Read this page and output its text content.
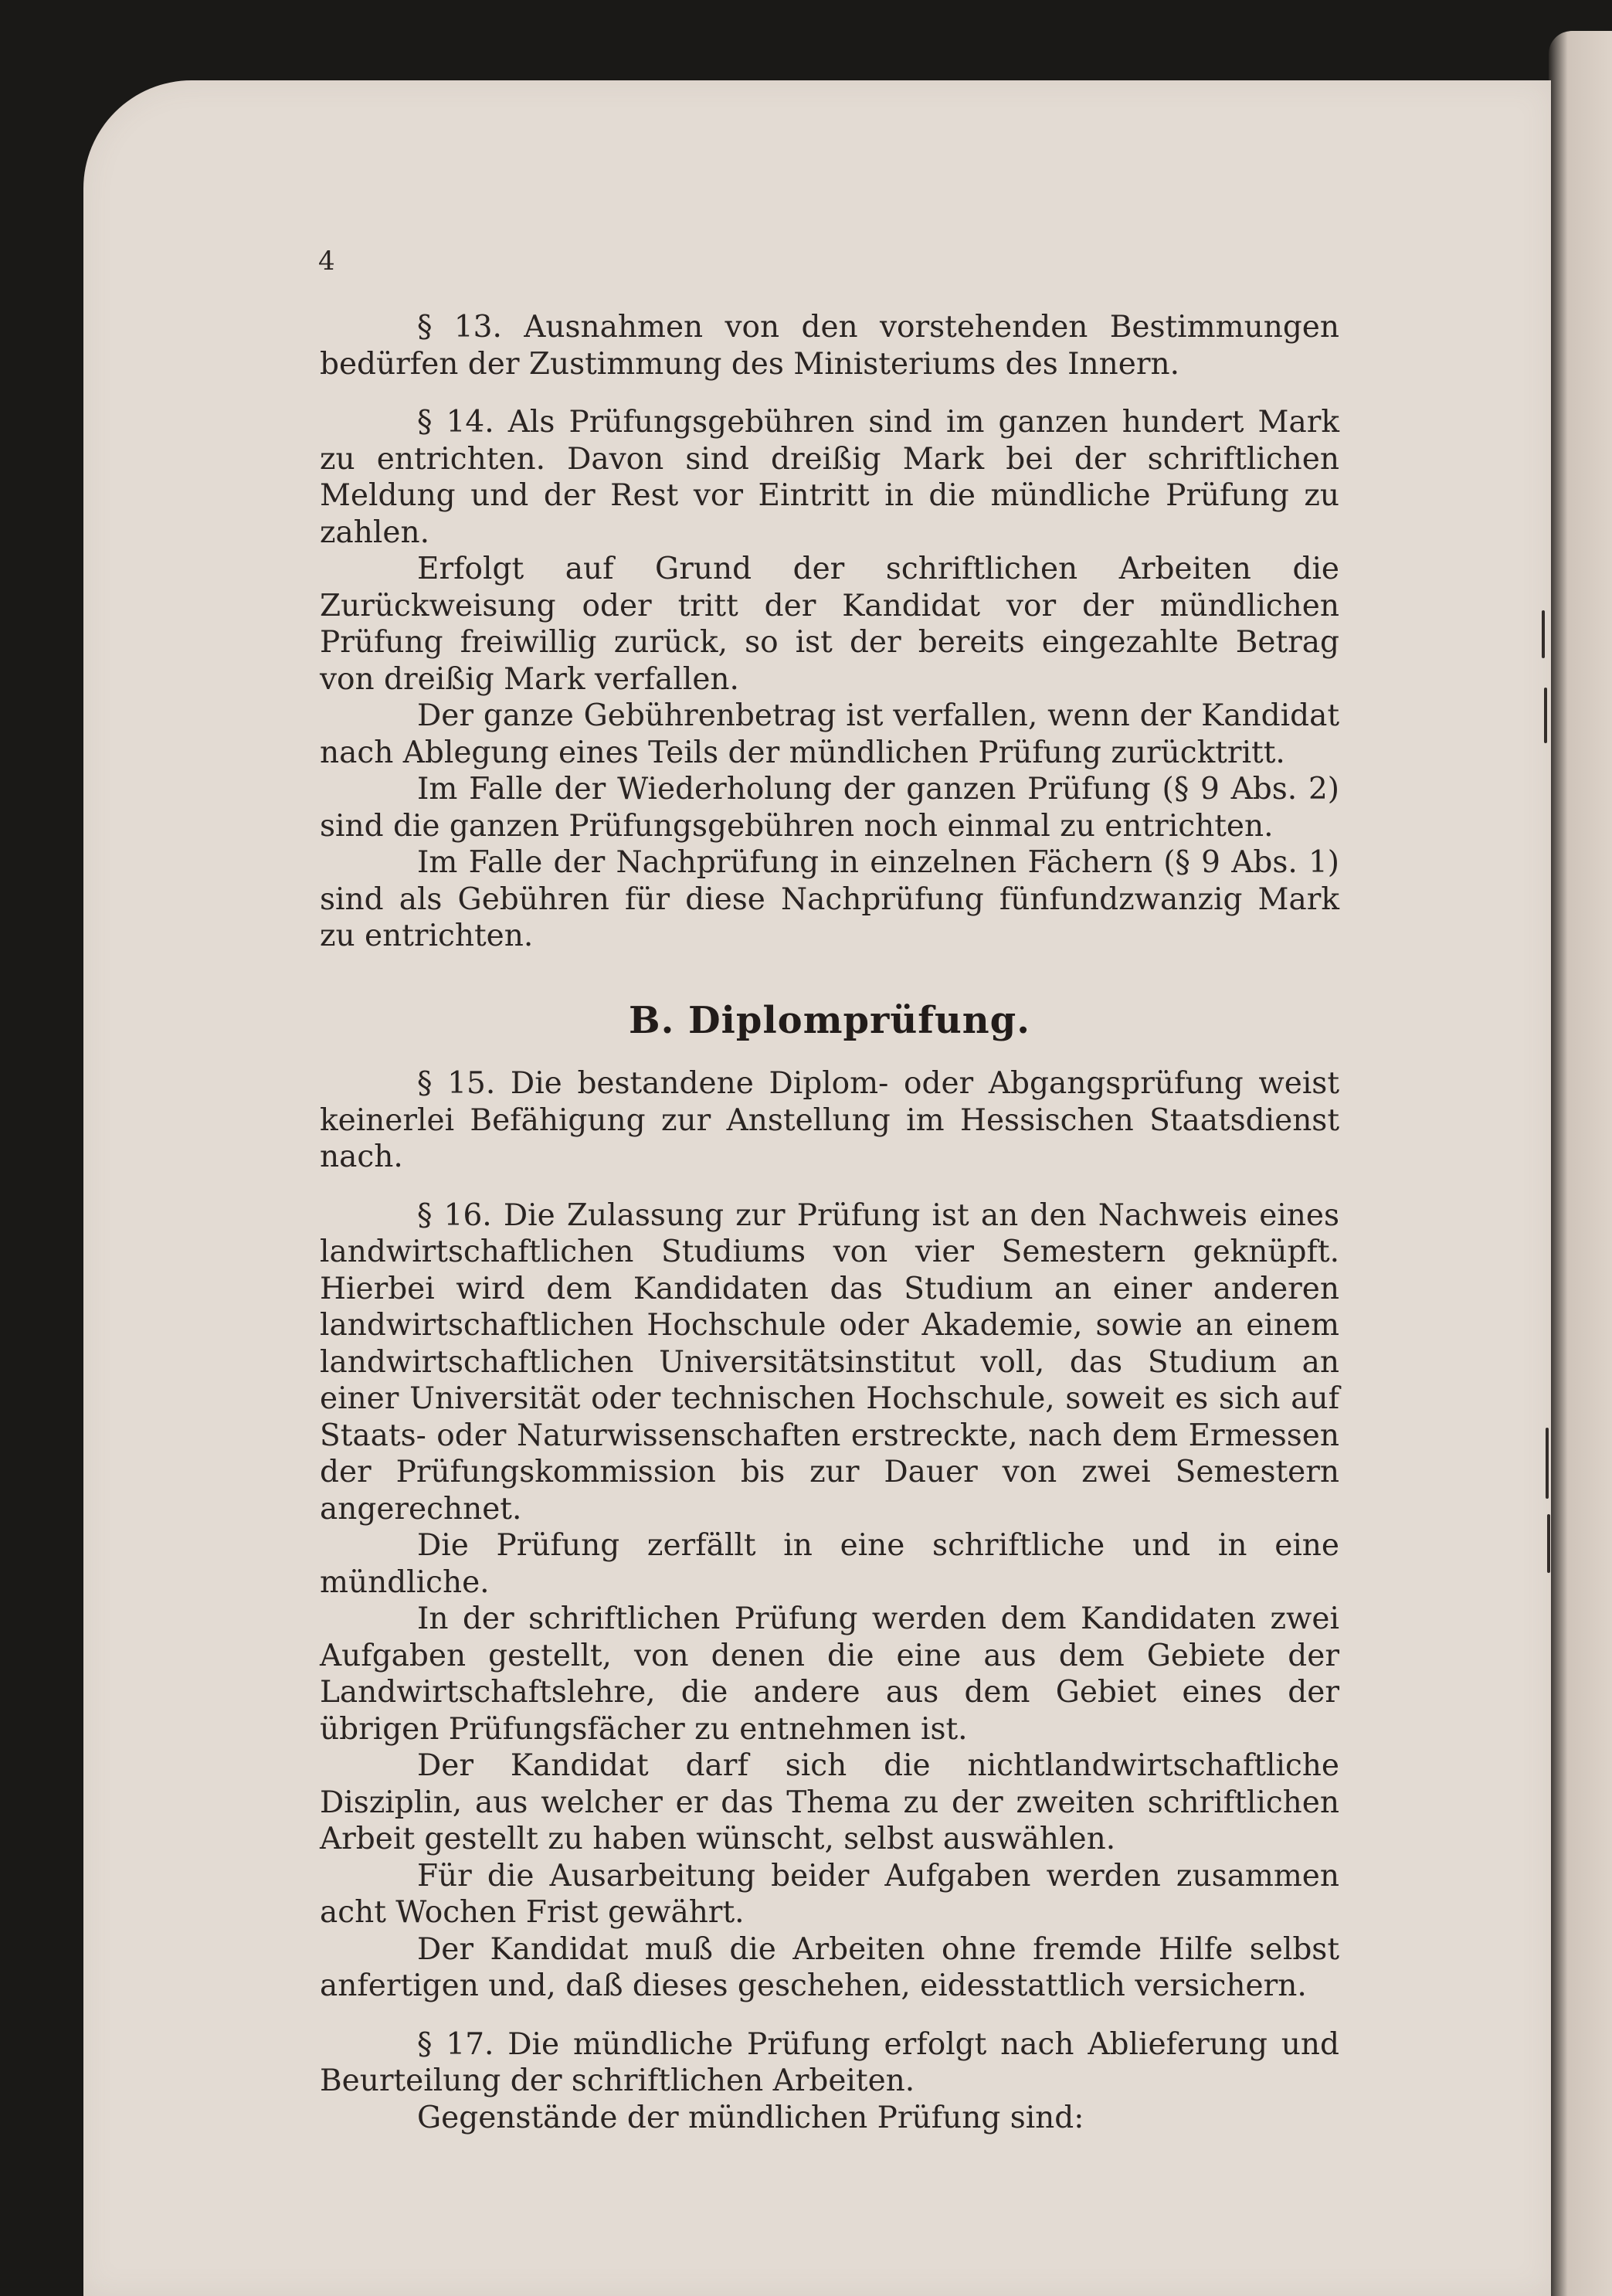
4

§ 13. Ausnahmen von den vorstehenden Bestimmungen bedürfen der Zustimmung des Ministeriums des Innern.

§ 14. Als Prüfungsgebühren sind im ganzen hundert Mark zu entrichten. Davon sind dreißig Mark bei der schriftlichen Meldung und der Rest vor Eintritt in die mündliche Prüfung zu zahlen.

Erfolgt auf Grund der schriftlichen Arbeiten die Zurückweisung oder tritt der Kandidat vor der mündlichen Prüfung freiwillig zurück, so ist der bereits eingezahlte Betrag von dreißig Mark verfallen.

Der ganze Gebührenbetrag ist verfallen, wenn der Kandidat nach Ablegung eines Teils der mündlichen Prüfung zurücktritt.

Im Falle der Wiederholung der ganzen Prüfung (§ 9 Abs. 2) sind die ganzen Prüfungsgebühren noch einmal zu entrichten.

Im Falle der Nachprüfung in einzelnen Fächern (§ 9 Abs. 1) sind als Gebühren für diese Nachprüfung fünfundzwanzig Mark zu entrichten.

B. Diplomprüfung.

§ 15. Die bestandene Diplom- oder Abgangsprüfung weist keinerlei Befähigung zur Anstellung im Hessischen Staatsdienst nach.

§ 16. Die Zulassung zur Prüfung ist an den Nachweis eines landwirtschaftlichen Studiums von vier Semestern geknüpft. Hierbei wird dem Kandidaten das Studium an einer anderen landwirtschaftlichen Hochschule oder Akademie, sowie an einem landwirtschaftlichen Universitätsinstitut voll, das Studium an einer Universität oder technischen Hochschule, soweit es sich auf Staats- oder Naturwissenschaften erstreckte, nach dem Ermessen der Prüfungskommission bis zur Dauer von zwei Semestern angerechnet.

Die Prüfung zerfällt in eine schriftliche und in eine mündliche.

In der schriftlichen Prüfung werden dem Kandidaten zwei Aufgaben gestellt, von denen die eine aus dem Gebiete der Landwirtschaftslehre, die andere aus dem Gebiet eines der übrigen Prüfungsfächer zu entnehmen ist.

Der Kandidat darf sich die nichtlandwirtschaftliche Disziplin, aus welcher er das Thema zu der zweiten schriftlichen Arbeit gestellt zu haben wünscht, selbst auswählen.

Für die Ausarbeitung beider Aufgaben werden zusammen acht Wochen Frist gewährt.

Der Kandidat muß die Arbeiten ohne fremde Hilfe selbst anfertigen und, daß dieses geschehen, eidesstattlich versichern.

§ 17. Die mündliche Prüfung erfolgt nach Ablieferung und Beurteilung der schriftlichen Arbeiten.

Gegenstände der mündlichen Prüfung sind:
